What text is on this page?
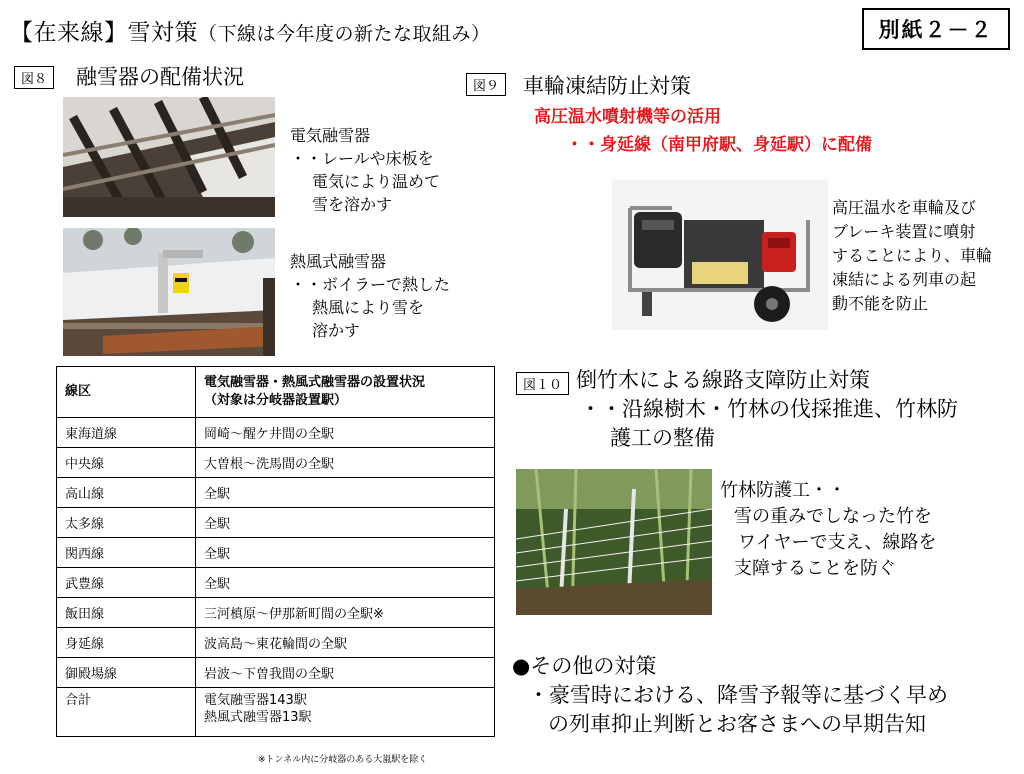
【在来線】雪対策（下線は今年度の新たな取組み）	別紙２－２
図８	融雪器の配備状況
電気融雪器
・・レールや床板を
電気により温めて
雪を溶かす
熱風式融雪器
・・ボイラーで熱した
熱風により雪を
溶かす
線区	電気融雪器・熱風式融雪器の設置状況
（対象は分岐器設置駅）

東海道線	岡崎～醒ケ井間の全駅
中央線	大曽根～洗馬間の全駅
高山線	全駅
太多線	全駅
関西線	全駅
武豊線	全駅
飯田線	三河槙原～伊那新町間の全駅※
身延線	波高島～東花輪間の全駅
御殿場線	岩波～下曽我間の全駅
合計	電気融雪器143駅
熱風式融雪器13駅
※トンネル内に分岐器のある大嵐駅を除く
図９	車輪凍結防止対策
高圧温水噴射機等の活用
・・身延線（南甲府駅、身延駅）に配備
高圧温水を車輪及び
ブレーキ装置に噴射
することにより、車輪
凍結による列車の起
動不能を防止
図１０ 倒竹木による線路支障防止対策
・・沿線樹木・竹林の伐採推進、竹林防
護工の整備
竹林防護工・・
雪の重みでしなった竹を
ワイヤーで支え、線路を
支障することを防ぐ
●その他の対策
・豪雪時における、降雪予報等に基づく早め
の列車抑止判断とお客さまへの早期告知
